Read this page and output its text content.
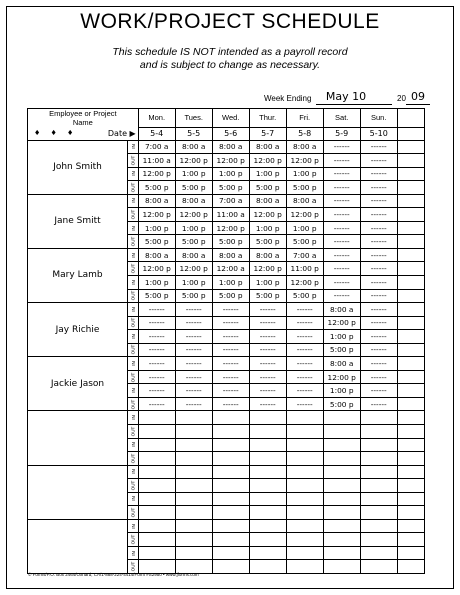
WORK/PROJECT SCHEDULE
This schedule IS NOT intended as a payroll record
and is subject to change as necessary.
Week Ending	May 10	20 09
Employee or Project
Name		Mon.	Tues.	Wed.	Thur.	Fri.	Sat.	Sun.	

♦ ♦ ♦ Date ▶		5-4	5-5	5-6	5-7	5-8	5-9	5-10	
John Smith	IN	7:00 a	8:00 a	8:00 a	8:00 a	8:00 a	------	------	
	OUT	11:00 a	12:00 p	12:00 p	12:00 p	12:00 p	------	------	
	IN	12:00 p	1:00 p	1:00 p	1:00 p	1:00 p	------	------	
	OUT	5:00 p	5:00 p	5:00 p	5:00 p	5:00 p	------	------	
Jane Smitt	IN	8:00 a	8:00 a	7:00 a	8:00 a	8:00 a	------	------	
	OUT	12:00 p	12:00 p	11:00 a	12:00 p	12:00 p	------	------	
	IN	1:00 p	1:00 p	12:00 p	1:00 p	1:00 p	------	------	
	OUT	5:00 p	5:00 p	5:00 p	5:00 p	5:00 p	------	------	
Mary Lamb	IN	8:00 a	8:00 a	8:00 a	8:00 a	7:00 a	------	------	
	OUT	12:00 p	12:00 p	12:00 a	12:00 p	11:00 p	------	------	
	IN	1:00 p	1:00 p	1:00 p	1:00 p	12:00 p	------	------	
	OUT	5:00 p	5:00 p	5:00 p	5:00 p	5:00 p	------	------	
Jay Richie	IN	------	------	------	------	------	8:00 a	------	
	OUT	------	------	------	------	------	12:00 p	------	
	IN	------	------	------	------	------	1:00 p	------	
	OUT	------	------	------	------	------	5:00 p	------	
Jackie Jason	IN	------	------	------	------	------	8:00 a	------	
	OUT	------	------	------	------	------	12:00 p	------	
	IN	------	------	------	------	------	1:00 p	------	
	OUT	------	------	------	------	------	5:00 p	------	
	IN								
	OUT								
	IN								
	OUT								
	IN								
	OUT								
	IN								
	OUT								
	IN								
	OUT								
	IN								
	OUT								
© Forms/P.O. Box 2464/Oxnard, CA/1-888-224-4414/Form #S2950 • www.jforms.com
